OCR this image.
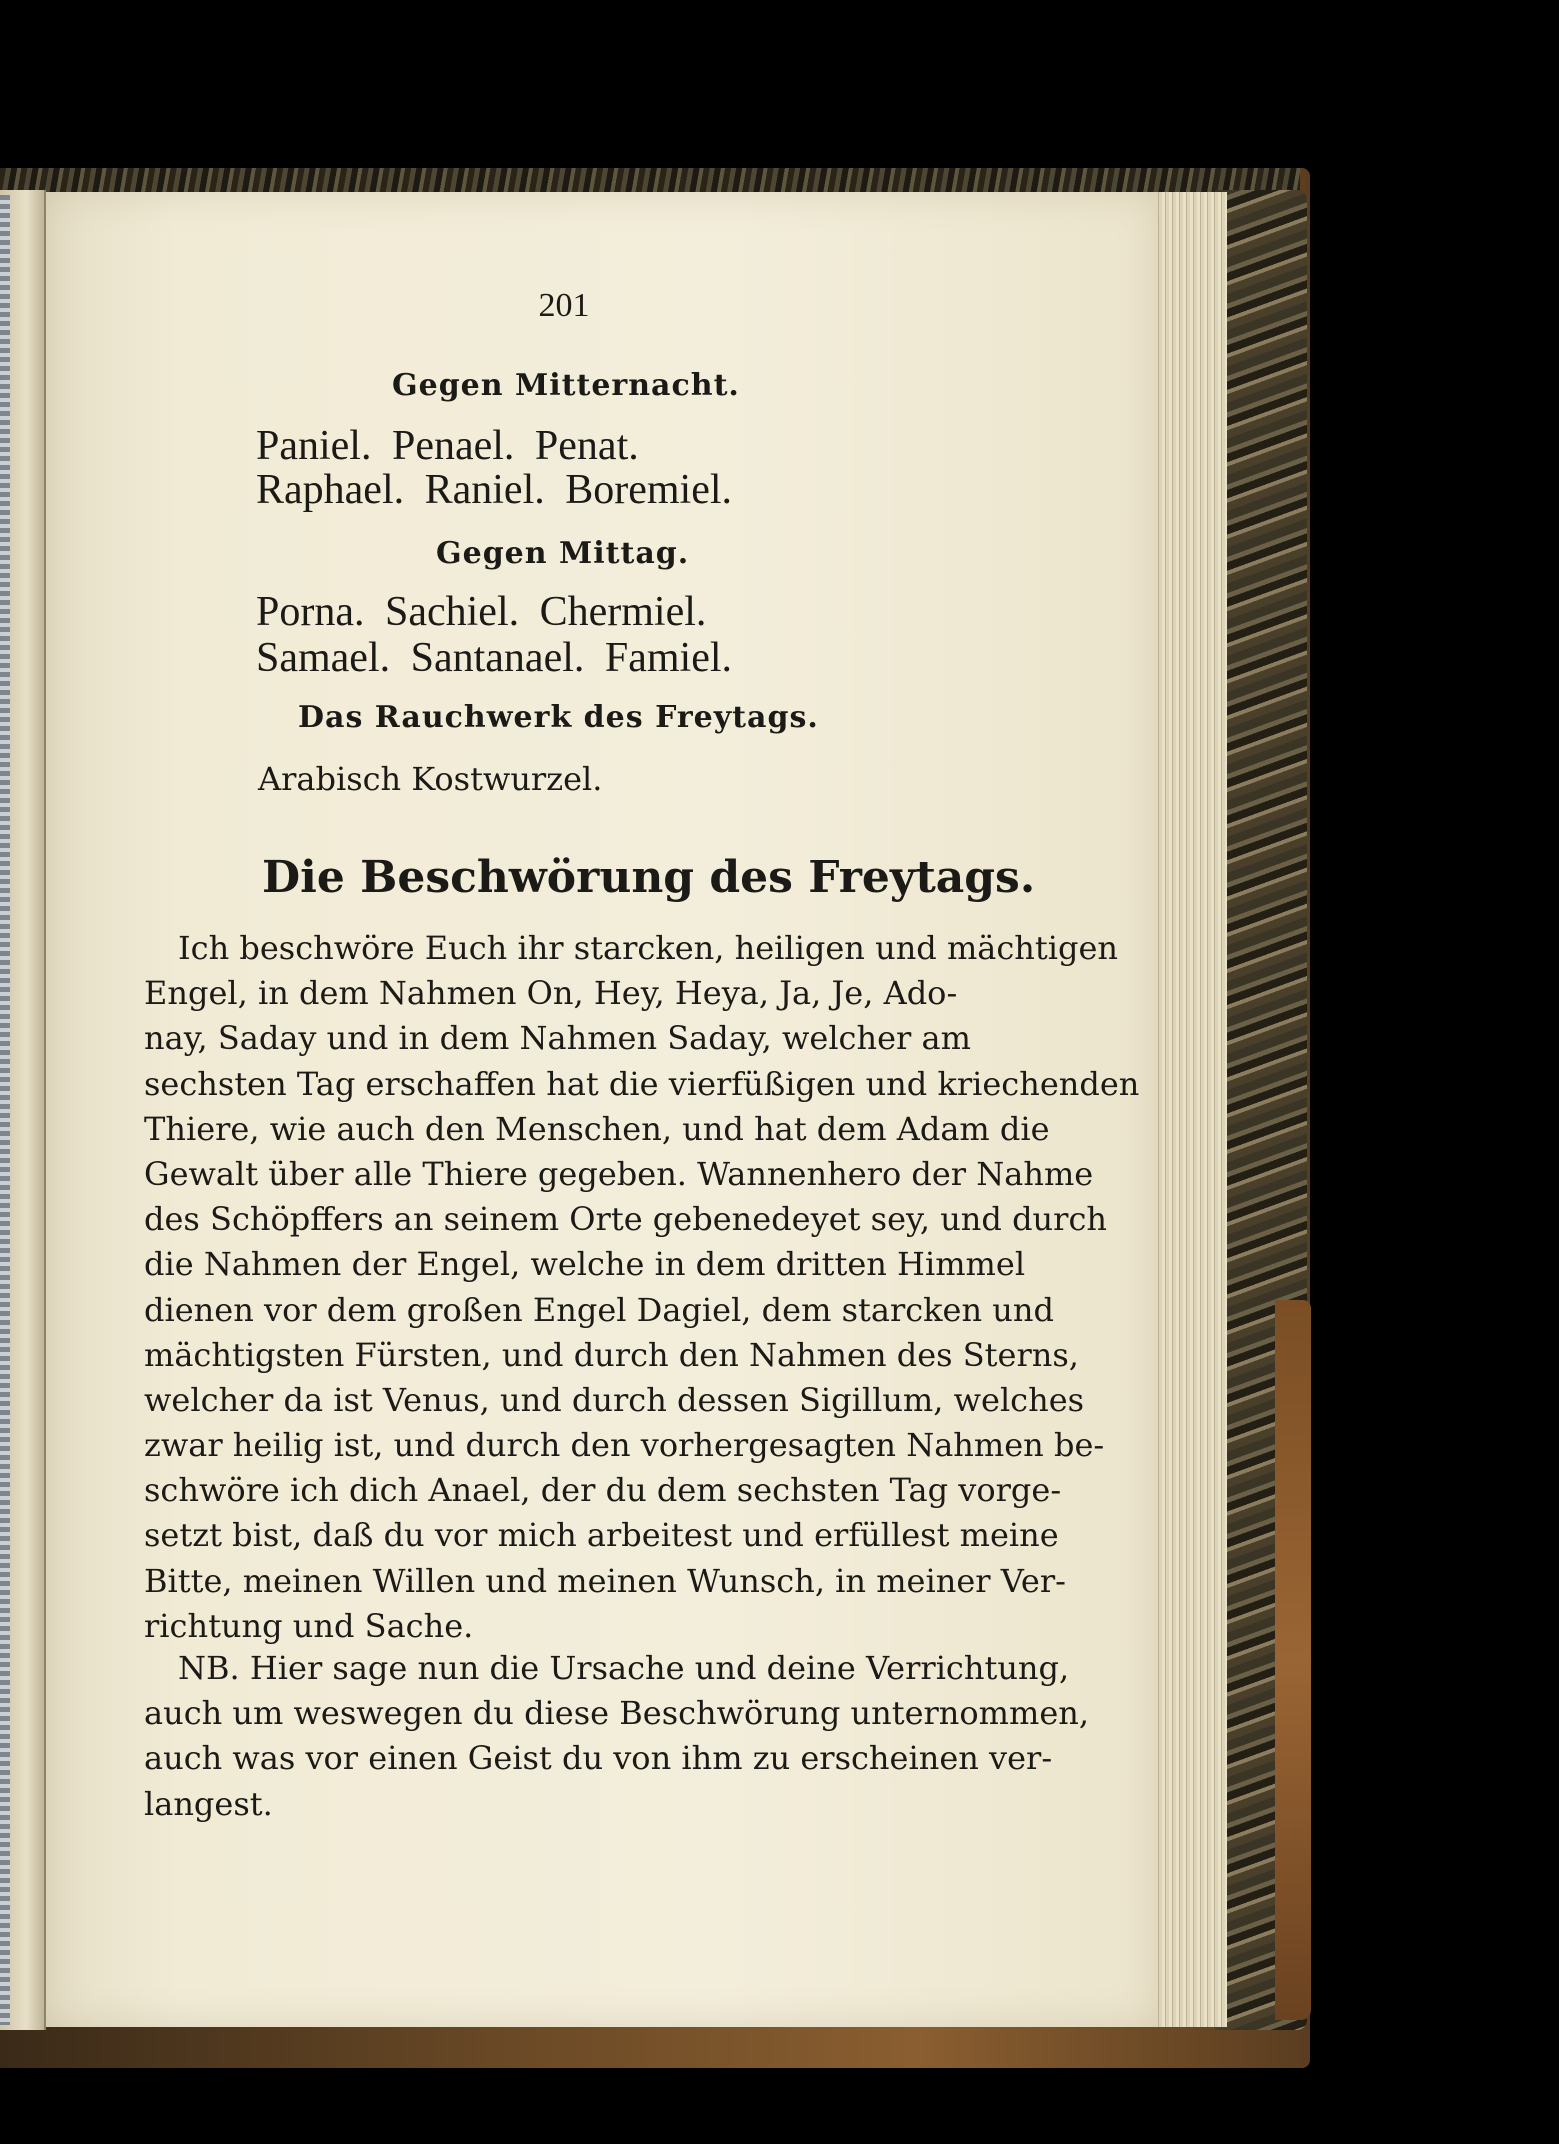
201
Gegen Mitternacht.
Paniel. Penael. Penat.
Raphael. Raniel. Boremiel.
Gegen Mittag.
Porna. Sachiel. Chermiel.
Samael. Santanael. Famiel.
Das Rauchwerk des Freytags.
Arabisch Kostwurzel.
Die Beschwörung des Freytags.
Ich beschwöre Euch ihr starcken, heiligen und mächtigen
Engel, in dem Nahmen On, Hey, Heya, Ja, Je, Ado-
nay, Saday und in dem Nahmen Saday, welcher am
sechsten Tag erschaffen hat die vierfüßigen und kriechenden
Thiere, wie auch den Menschen, und hat dem Adam die
Gewalt über alle Thiere gegeben. Wannenhero der Nahme
des Schöpffers an seinem Orte gebenedeyet sey, und durch
die Nahmen der Engel, welche in dem dritten Himmel
dienen vor dem großen Engel Dagiel, dem starcken und
mächtigsten Fürsten, und durch den Nahmen des Sterns,
welcher da ist Venus, und durch dessen Sigillum, welches
zwar heilig ist, und durch den vorhergesagten Nahmen be-
schwöre ich dich Anael, der du dem sechsten Tag vorge-
setzt bist, daß du vor mich arbeitest und erfüllest meine
Bitte, meinen Willen und meinen Wunsch, in meiner Ver-
richtung und Sache.
NB. Hier sage nun die Ursache und deine Verrichtung,
auch um weswegen du diese Beschwörung unternommen,
auch was vor einen Geist du von ihm zu erscheinen ver-
langest.
